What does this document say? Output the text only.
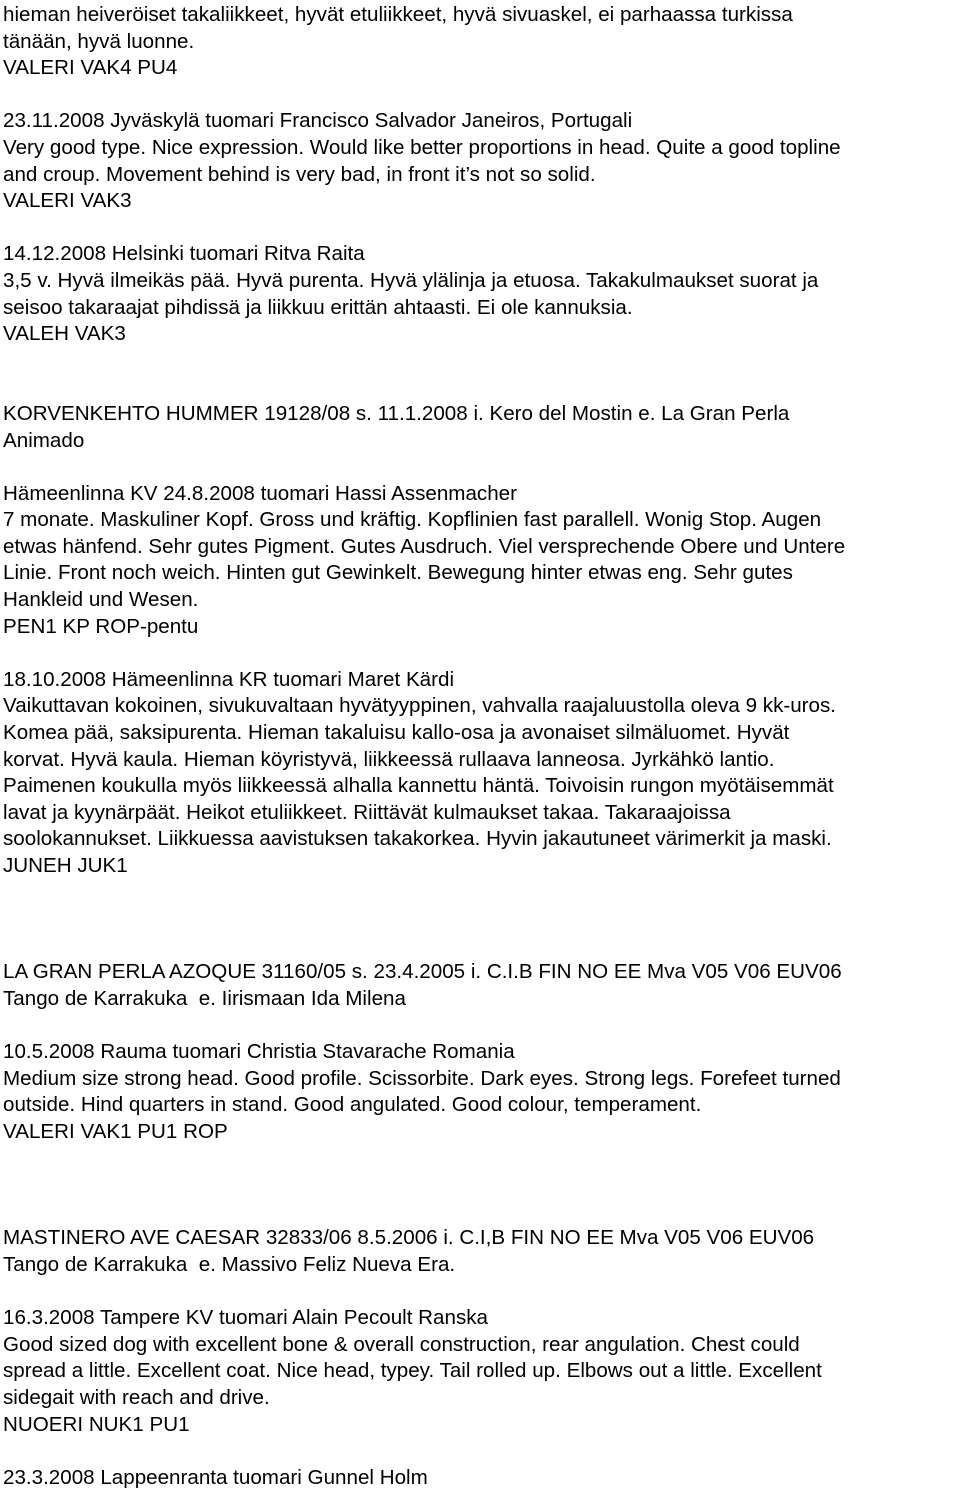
hieman heiveröiset takaliikkeet, hyvät etuliikkeet, hyvä sivuaskel, ei parhaassa turkissa
tänään, hyvä luonne.
VALERI VAK4 PU4
23.11.2008 Jyväskylä tuomari Francisco Salvador Janeiros, Portugali
Very good type. Nice expression. Would like better proportions in head. Quite a good topline
and croup. Movement behind is very bad, in front it’s not so solid.
VALERI VAK3
14.12.2008 Helsinki tuomari Ritva Raita
3,5 v. Hyvä ilmeikäs pää. Hyvä purenta. Hyvä ylälinja ja etuosa. Takakulmaukset suorat ja
seisoo takaraajat pihdissä ja liikkuu erittän ahtaasti. Ei ole kannuksia.
VALEH VAK3
KORVENKEHTO HUMMER 19128/08 s. 11.1.2008 i. Kero del Mostin e. La Gran Perla
Animado
Hämeenlinna KV 24.8.2008 tuomari Hassi Assenmacher
7 monate. Maskuliner Kopf. Gross und kräftig. Kopflinien fast parallell. Wonig Stop. Augen
etwas hänfend. Sehr gutes Pigment. Gutes Ausdruch. Viel versprechende Obere und Untere
Linie. Front noch weich. Hinten gut Gewinkelt. Bewegung hinter etwas eng. Sehr gutes
Hankleid und Wesen.
PEN1 KP ROP-pentu
18.10.2008 Hämeenlinna KR tuomari Maret Kärdi
Vaikuttavan kokoinen, sivukuvaltaan hyvätyyppinen, vahvalla raajaluustolla oleva 9 kk-uros.
Komea pää, saksipurenta. Hieman takaluisu kallo-osa ja avonaiset silmäluomet. Hyvät
korvat. Hyvä kaula. Hieman köyristyvä, liikkeessä rullaava lanneosa. Jyrkähkö lantio.
Paimenen koukulla myös liikkeessä alhalla kannettu häntä. Toivoisin rungon myötäisemmät
lavat ja kyynärpäät. Heikot etuliikkeet. Riittävät kulmaukset takaa. Takaraajoissa
soolokannukset. Liikkuessa aavistuksen takakorkea. Hyvin jakautuneet värimerkit ja maski.
JUNEH JUK1
LA GRAN PERLA AZOQUE 31160/05 s. 23.4.2005 i. C.I.B FIN NO EE Mva V05 V06 EUV06
Tango de Karrakuka  e. Iirismaan Ida Milena
10.5.2008 Rauma tuomari Christia Stavarache Romania
Medium size strong head. Good profile. Scissorbite. Dark eyes. Strong legs. Forefeet turned
outside. Hind quarters in stand. Good angulated. Good colour, temperament.
VALERI VAK1 PU1 ROP
MASTINERO AVE CAESAR 32833/06 8.5.2006 i. C.I,B FIN NO EE Mva V05 V06 EUV06
Tango de Karrakuka  e. Massivo Feliz Nueva Era.
16.3.2008 Tampere KV tuomari Alain Pecoult Ranska
Good sized dog with excellent bone & overall construction, rear angulation. Chest could
spread a little. Excellent coat. Nice head, typey. Tail rolled up. Elbows out a little. Excellent
sidegait with reach and drive.
NUOERI NUK1 PU1
23.3.2008 Lappeenranta tuomari Gunnel Holm
